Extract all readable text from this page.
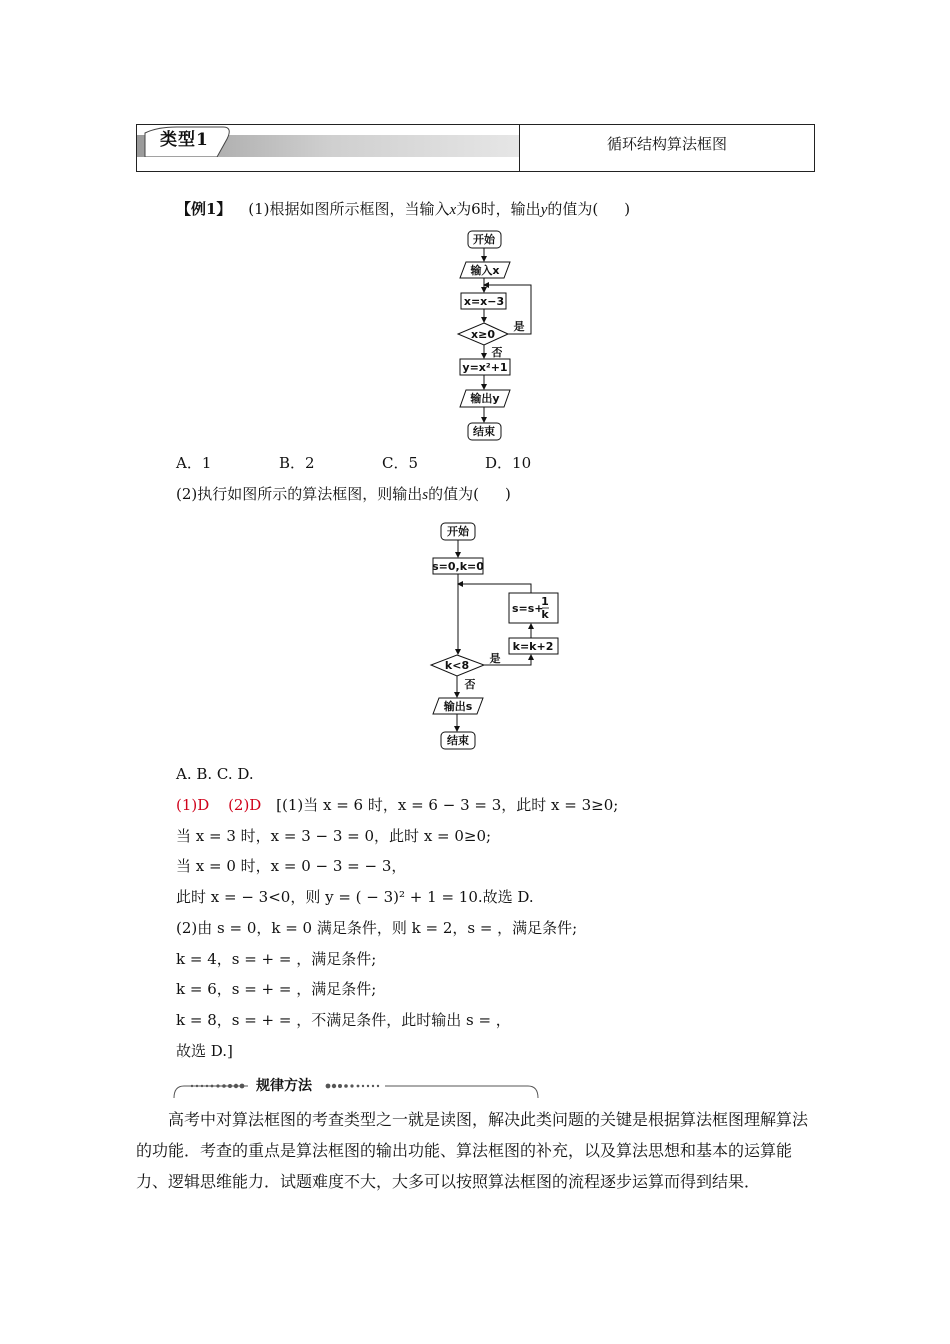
类型1	循环结构算法框图
【例1】 (1)根据如图所示框图，当输入x为6时，输出y的值为( )
开始
输入x
x=x−3
x≥0
是
否
y=x²+1
输出y
结束
A．1	B．2	C．5	D．10
(2)执行如图所示的算法框图，则输出s的值为( )
开始
s=0,k=0
s=s+
1
k
k=k+2
k<8
是
否
输出s
结束
A. B. C. D.
(1)D (2)D [(1)当 x = 6 时，x = 6 − 3 = 3，此时 x = 3≥0;
当 x = 3 时，x = 3 − 3 = 0，此时 x = 0≥0;
当 x = 0 时，x = 0 − 3 = − 3，
此时 x = − 3<0，则 y = ( − 3)² + 1 = 10.故选 D.
(2)由 s = 0，k = 0 满足条件，则 k = 2，s = ，满足条件;
k = 4，s = + = ，满足条件;
k = 6，s = + = ，满足条件;
k = 8，s = + = ，不满足条件，此时输出 s = ，
故选 D.]
规律方法
高考中对算法框图的考查类型之一就是读图，解决此类问题的关键是根据算法框图理解算法的功能．考查的重点是算法框图的输出功能、算法框图的补充，以及算法思想和基本的运算能力、逻辑思维能力．试题难度不大，大多可以按照算法框图的流程逐步运算而得到结果．
